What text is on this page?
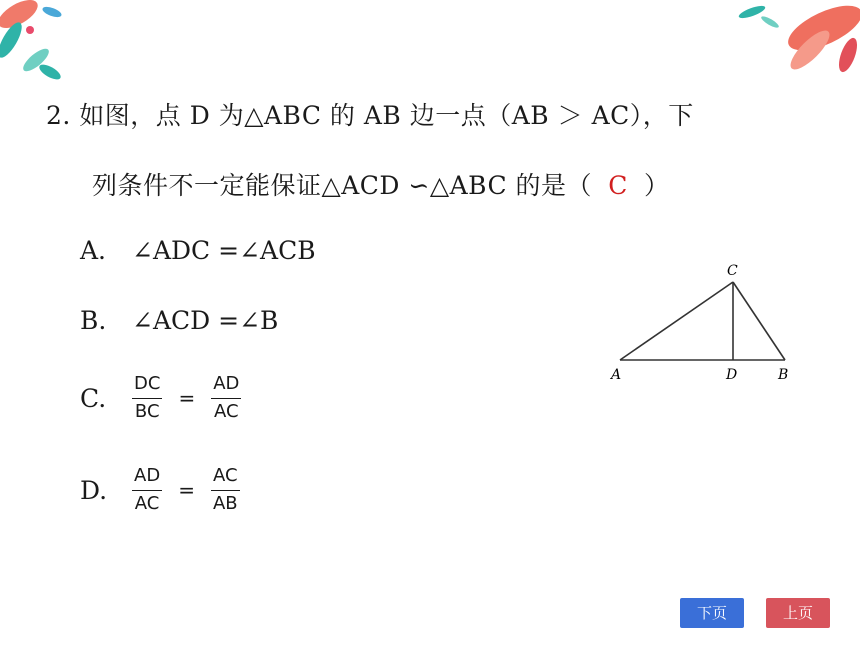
2. 如图，点 D 为△ABC 的 AB 边一点（AB ＞ AC），下
列条件不一定能保证△ACD ∽△ABC 的是（ C ）
A.	∠ADC =∠ACB
B.	∠ACD =∠B
C.	$\frac{DC}{BC} = \frac{AD}{AC}$
D.	$\frac{AD}{AC} = \frac{AC}{AB}$
C
A	D	B
下页	上页
